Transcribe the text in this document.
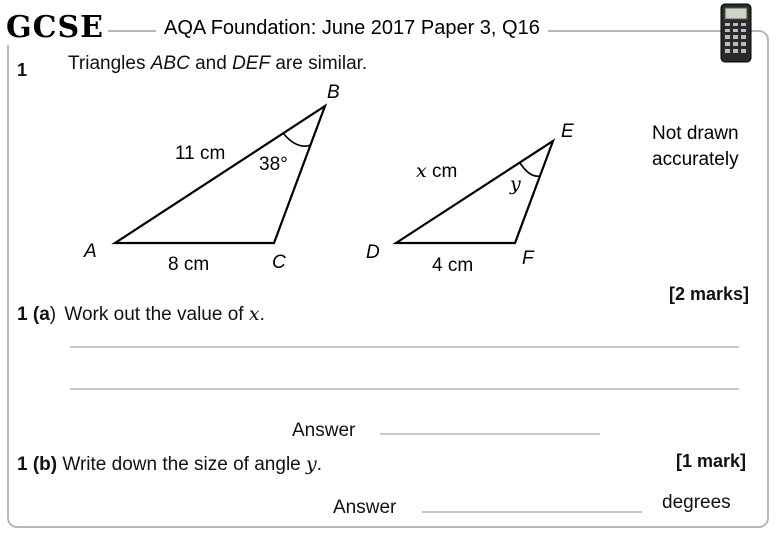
GCSE	AQA Foundation: June 2017 Paper 3, Q16
1 Triangles ABC and DEF are similar.
B
A
C
11 cm
8 cm
38°
E
D	F
x cm
4 cm
y
Not drawn
accurately
[2 marks]
1 (a) Work out the value of x.
Answer
[1 mark]
1 (b) Write down the size of angle y.
Answer	degrees
